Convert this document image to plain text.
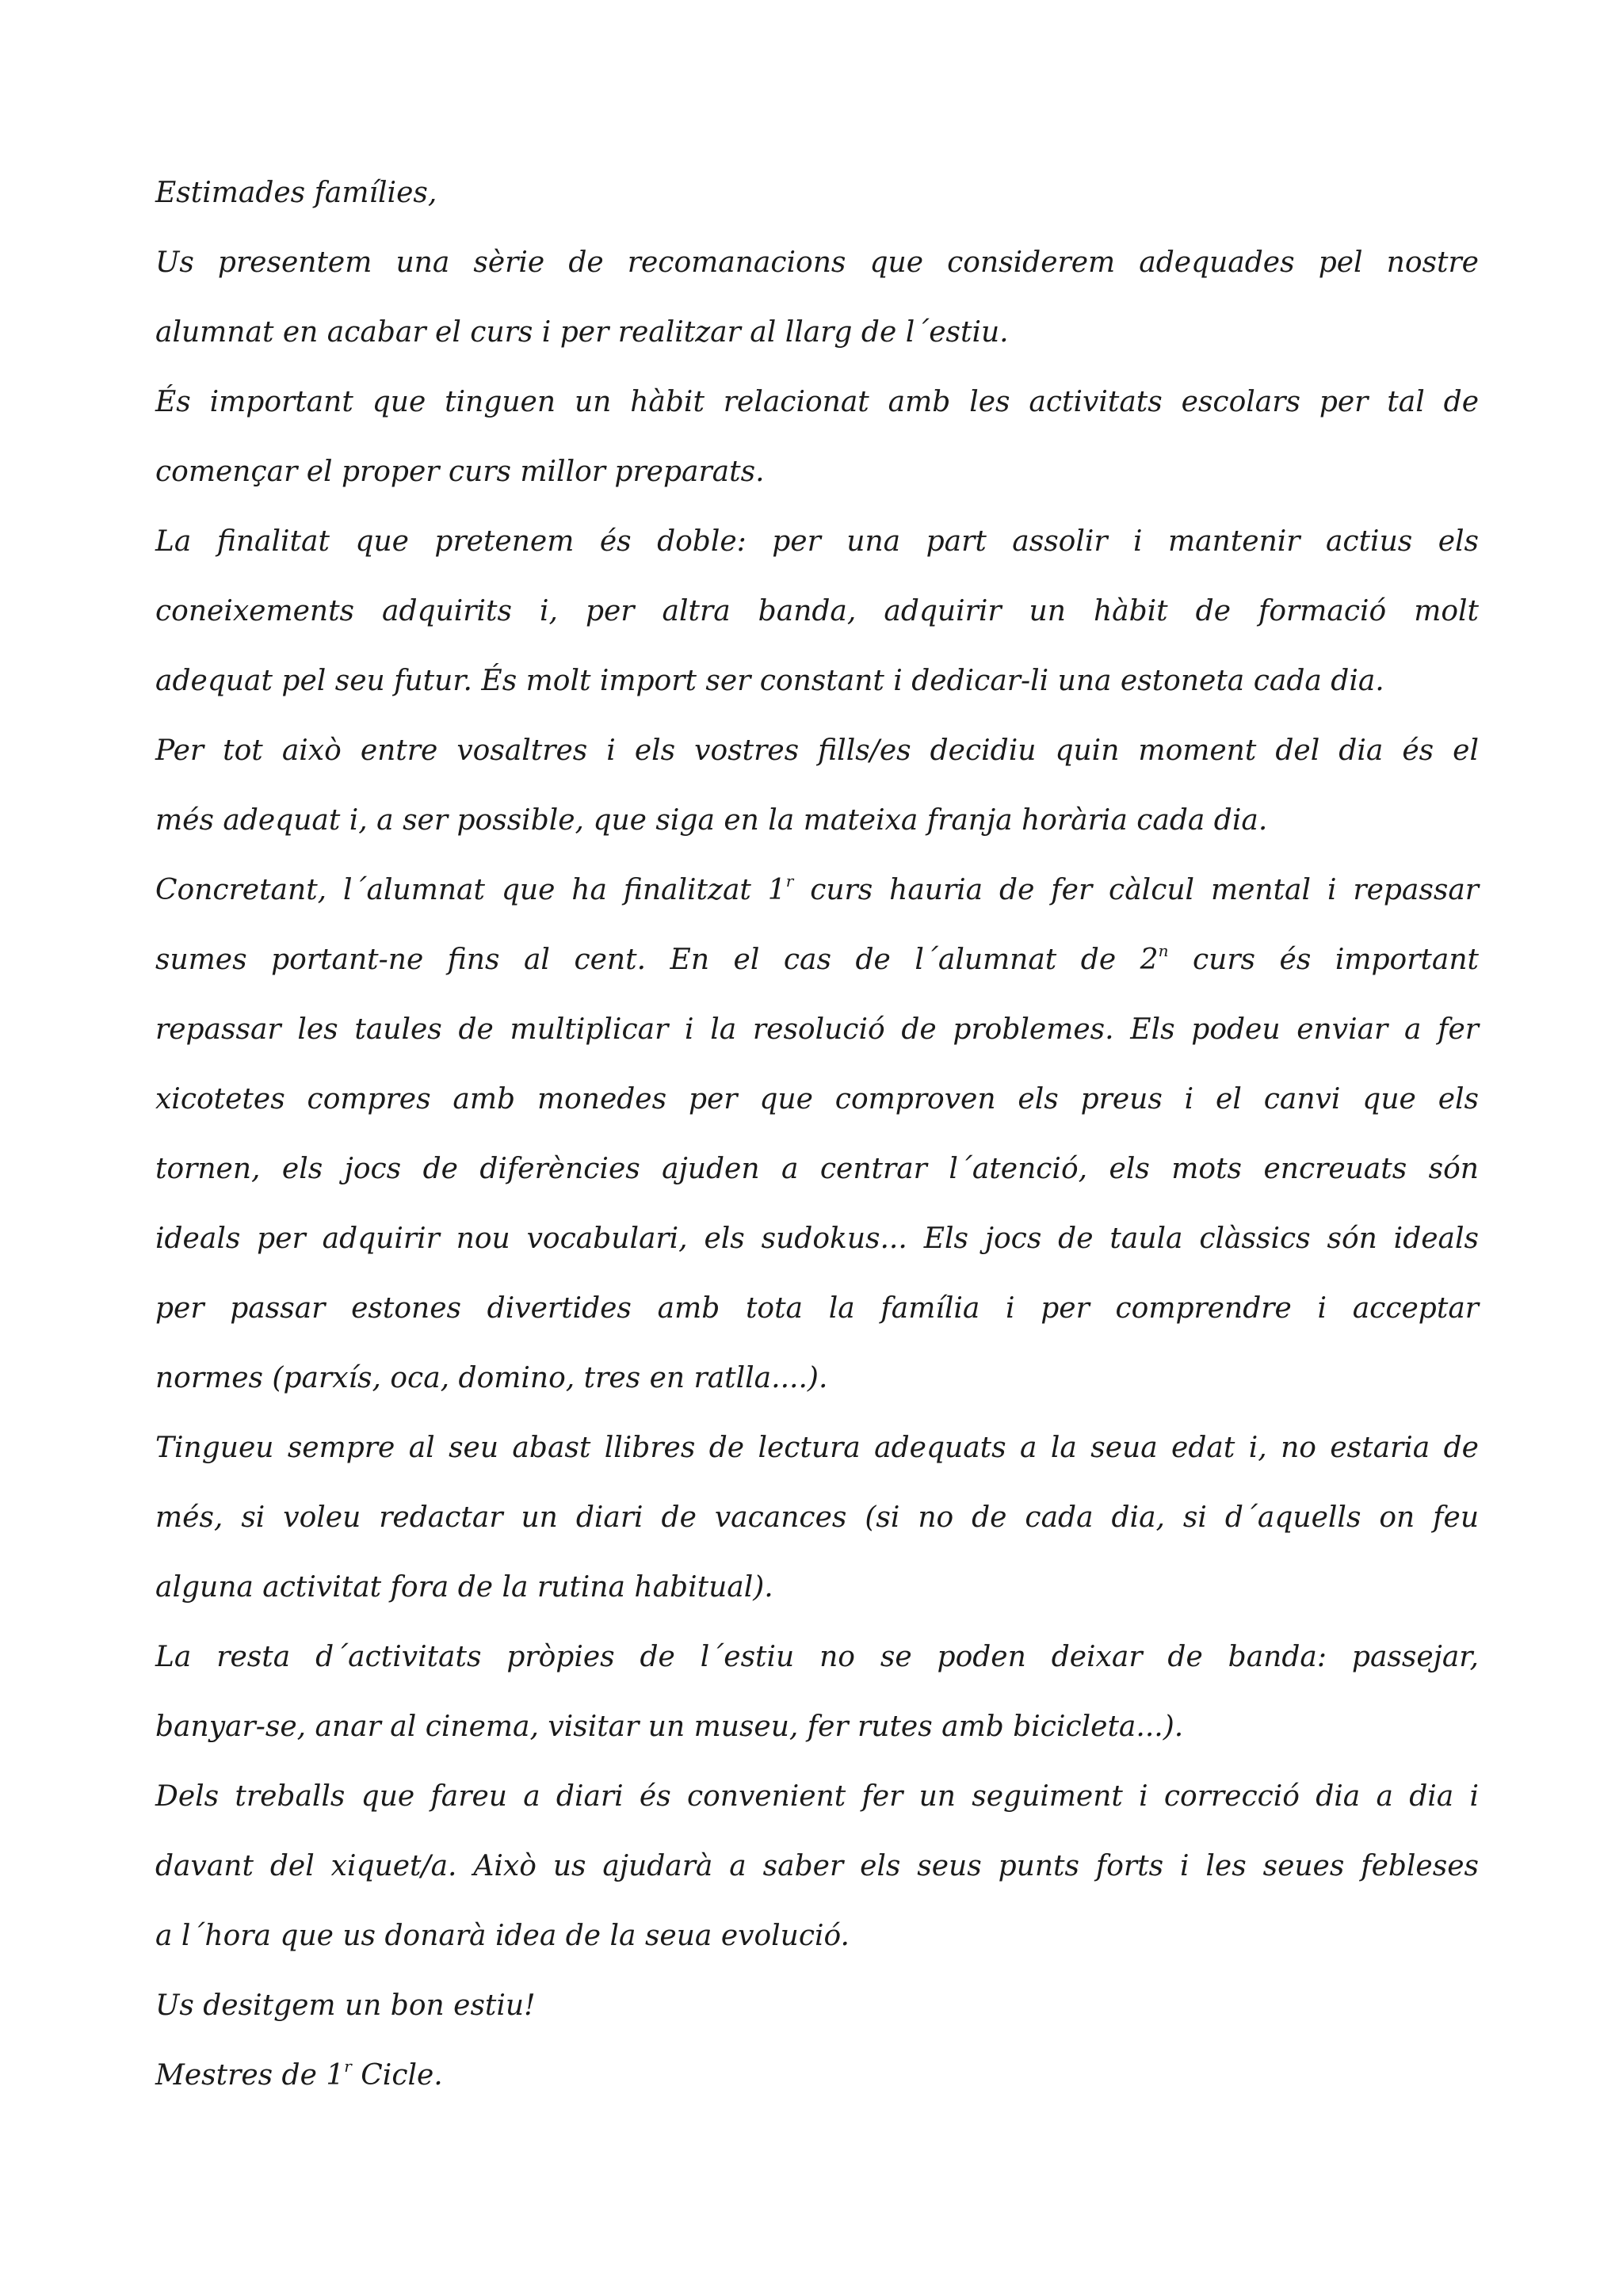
Estimades famílies,
Us presentem una sèrie de recomanacions que considerem adequades pel nostre
alumnat en acabar el curs i per realitzar al llarg de l´estiu.
És important que tinguen un hàbit relacionat amb les activitats escolars per tal de
començar el proper curs millor preparats.
La finalitat que pretenem és doble: per una part assolir i mantenir actius els
coneixements adquirits i, per altra banda, adquirir un hàbit de formació molt
adequat pel seu futur. És molt import ser constant i dedicar-li una estoneta cada dia.
Per tot això entre vosaltres i els vostres fills/es decidiu quin moment del dia és el
més adequat i, a ser possible, que siga en la mateixa franja horària cada dia.
Concretant, l´alumnat que ha finalitzat 1$^r$ curs hauria de fer càlcul mental i repassar
sumes portant-ne fins al cent. En el cas de l´alumnat de 2$^n$ curs és important
repassar les taules de multiplicar i la resolució de problemes. Els podeu enviar a fer
xicotetes compres amb monedes per que comproven els preus i el canvi que els
tornen, els jocs de diferències ajuden a centrar l´atenció, els mots encreuats són
ideals per adquirir nou vocabulari, els sudokus... Els jocs de taula clàssics són ideals
per passar estones divertides amb tota la família i per comprendre i acceptar
normes (parxís, oca, domino, tres en ratlla....).
Tingueu sempre al seu abast llibres de lectura adequats a la seua edat i, no estaria de
més, si voleu redactar un diari de vacances (si no de cada dia, si d´aquells on feu
alguna activitat fora de la rutina habitual).
La resta d´activitats pròpies de l´estiu no se poden deixar de banda: passejar,
banyar-se, anar al cinema, visitar un museu, fer rutes amb bicicleta...).
Dels treballs que fareu a diari és convenient fer un seguiment i correcció dia a dia i
davant del xiquet/a. Això us ajudarà a saber els seus punts forts i les seues febleses
a l´hora que us donarà idea de la seua evolució.
Us desitgem un bon estiu!
Mestres de 1$^r$ Cicle.
